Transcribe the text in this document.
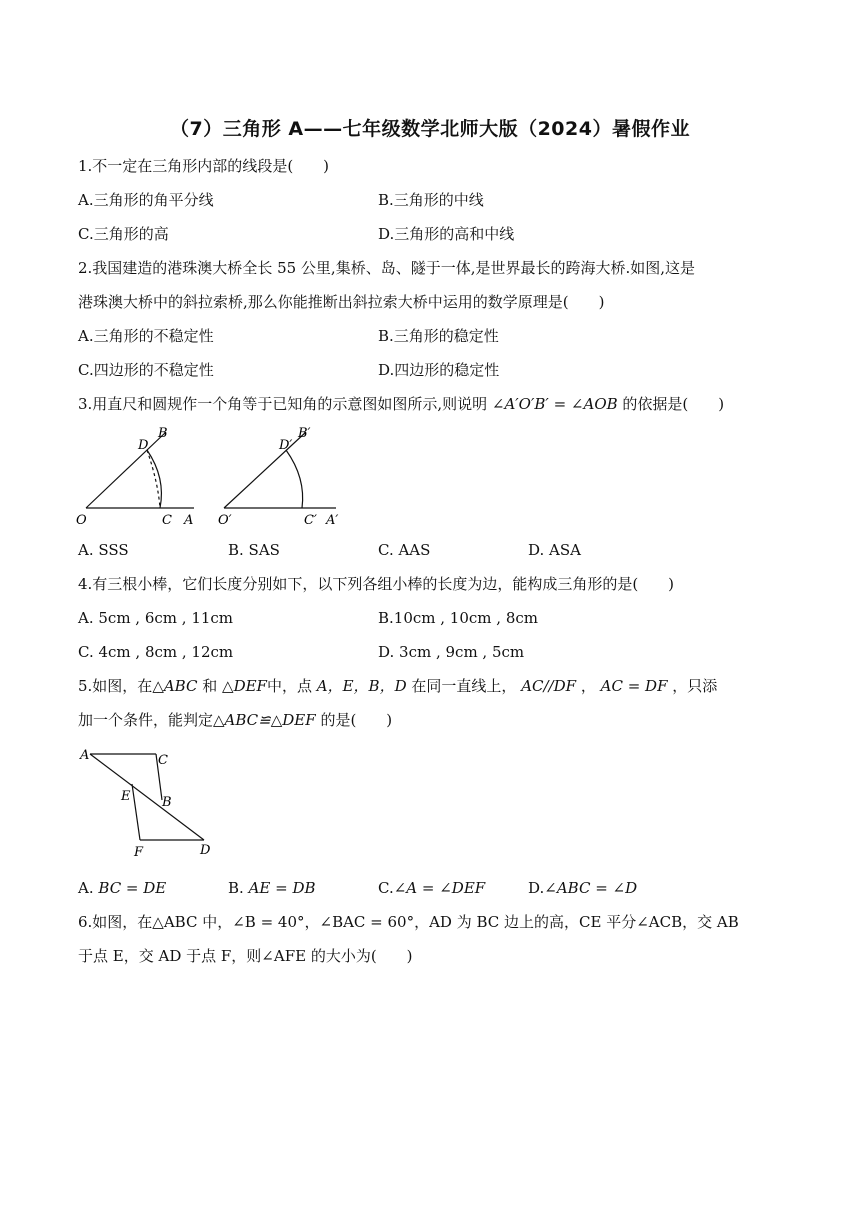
（7）三角形 A——七年级数学北师大版（2024）暑假作业
1.不一定在三角形内部的线段是(　　)
A.三角形的角平分线	B.三角形的中线
C.三角形的高	D.三角形的高和中线
2.我国建造的港珠澳大桥全长 55 公里,集桥、岛、隧于一体,是世界最长的跨海大桥.如图,这是
港珠澳大桥中的斜拉索桥,那么你能推断出斜拉索大桥中运用的数学原理是(　　)
A.三角形的不稳定性	B.三角形的稳定性
C.四边形的不稳定性	D.四边形的稳定性
3.用直尺和圆规作一个角等于已知角的示意图如图所示,则说明 ∠A′O′B′ = ∠AOB 的依据是(　　)
B
D
O	C A
B′
D′
O′	C′ A′
A. SSS	B. SAS	C. AAS	D. ASA
4.有三根小棒，它们长度分别如下，以下列各组小棒的长度为边，能构成三角形的是(　　)
A. 5cm , 6cm , 11cm	B.10cm , 10cm , 8cm
C. 4cm , 8cm , 12cm	D. 3cm , 9cm , 5cm
5.如图，在△ABC 和 △DEF中，点 A，E，B，D 在同一直线上， AC//DF ， AC = DF ，只添
加一个条件，能判定△ABC≌△DEF 的是(　　)
A	C
E B
F	D
A. BC = DE	B. AE = DB	C.∠A = ∠DEF	D.∠ABC = ∠D
6.如图，在△ABC 中，∠B = 40°，∠BAC = 60°，AD 为 BC 边上的高，CE 平分∠ACB，交 AB
于点 E，交 AD 于点 F，则∠AFE 的大小为(　　)
